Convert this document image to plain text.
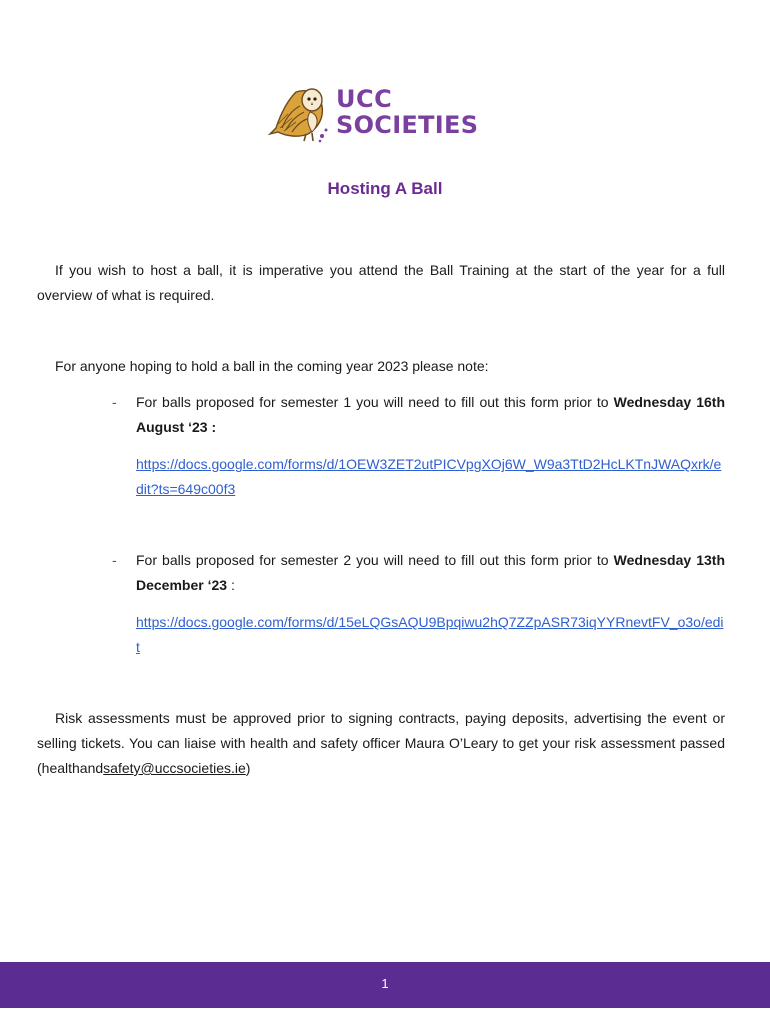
UCC
SOCIETIES
Hosting A Ball
If you wish to host a ball, it is imperative you attend the Ball Training at the start of the year for a full overview of what is required.
For anyone hoping to hold a ball in the coming year 2023 please note:
- For balls proposed for semester 1 you will need to fill out this form prior to Wednesday 16th August ‘23 :
https://docs.google.com/forms/d/1OEW3ZET2utPICVpgXOj6W_W9a3TtD2HcLKTnJWAQxrk/edit?ts=649c00f3
- For balls proposed for semester 2 you will need to fill out this form prior to Wednesday 13th December ‘23 :
https://docs.google.com/forms/d/15eLQGsAQU9Bpqiwu2hQ7ZZpASR73iqYYRnevtFV_o3o/edit
Risk assessments must be approved prior to signing contracts, paying deposits, advertising the event or selling tickets. You can liaise with health and safety officer Maura O’Leary to get your risk assessment passed (healthandsafety@uccsocieties.ie)
1
